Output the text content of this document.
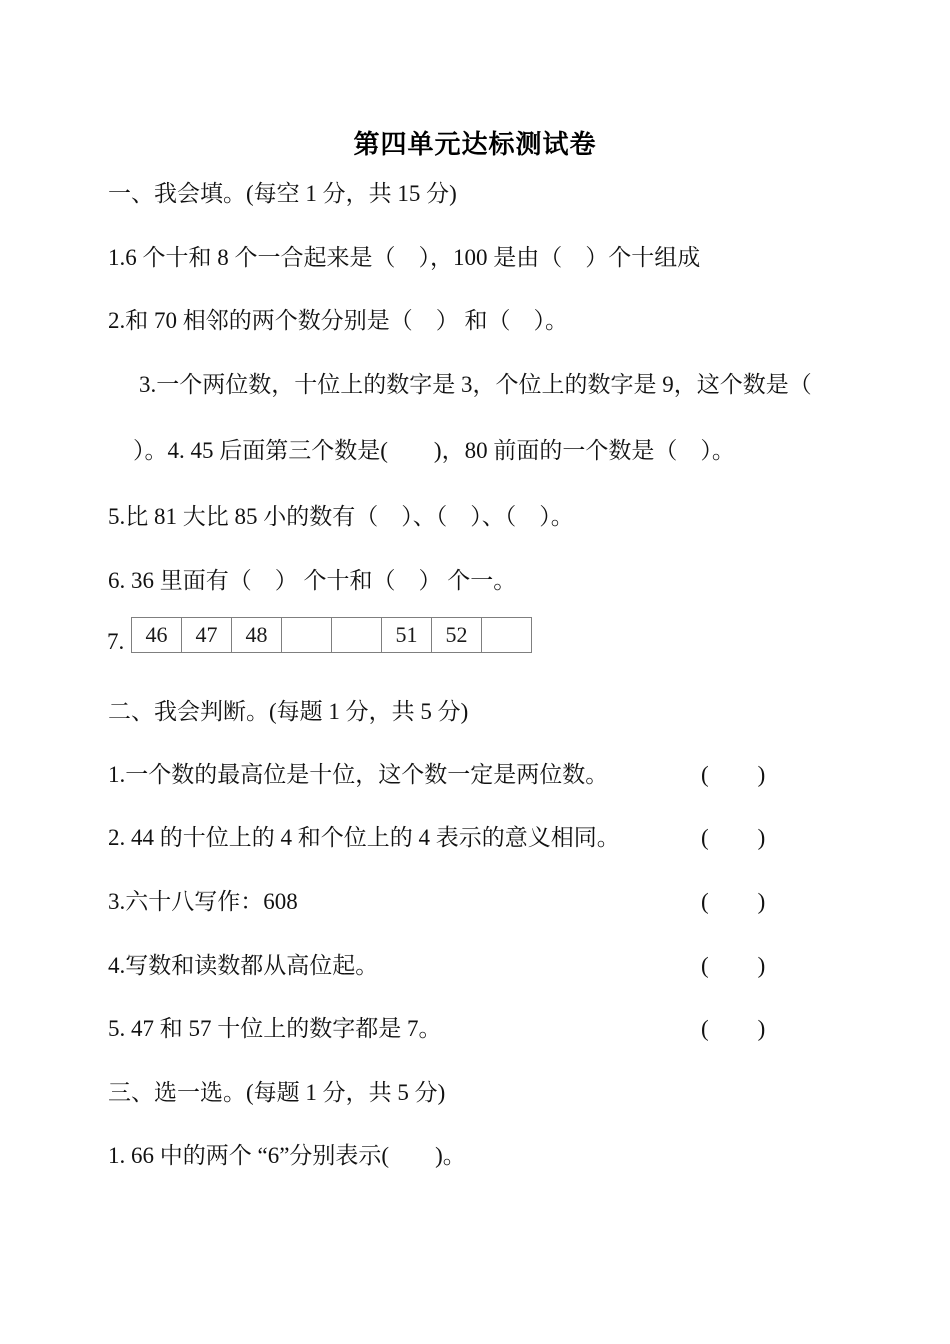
第四单元达标测试卷
一、我会填。(每空 1 分，共 15 分)
1.6 个十和 8 个一合起来是（　），100 是由（　）个十组成
2.和 70 相邻的两个数分别是（　） 和（　）。
3.一个两位数，十位上的数字是 3，个位上的数字是 9，这个数是（
）。4. 45 后面第三个数是(　　)，80 前面的一个数是（　）。
5.比 81 大比 85 小的数有（　）、（　）、（　）。
6. 36 里面有（　） 个十和（　） 个一。
7. 46	47	48			51	52	
二、我会判断。(每题 1 分，共 5 分)
1.一个数的最高位是十位，这个数一定是两位数。	(　　)
2. 44 的十位上的 4 和个位上的 4 表示的意义相同。	(　　)
3.六十八写作：608	(　　)
4.写数和读数都从高位起。	(　　)
5. 47 和 57 十位上的数字都是 7。	(　　)
三、选一选。(每题 1 分，共 5 分)
1. 66 中的两个 “6”分别表示(　　)。
